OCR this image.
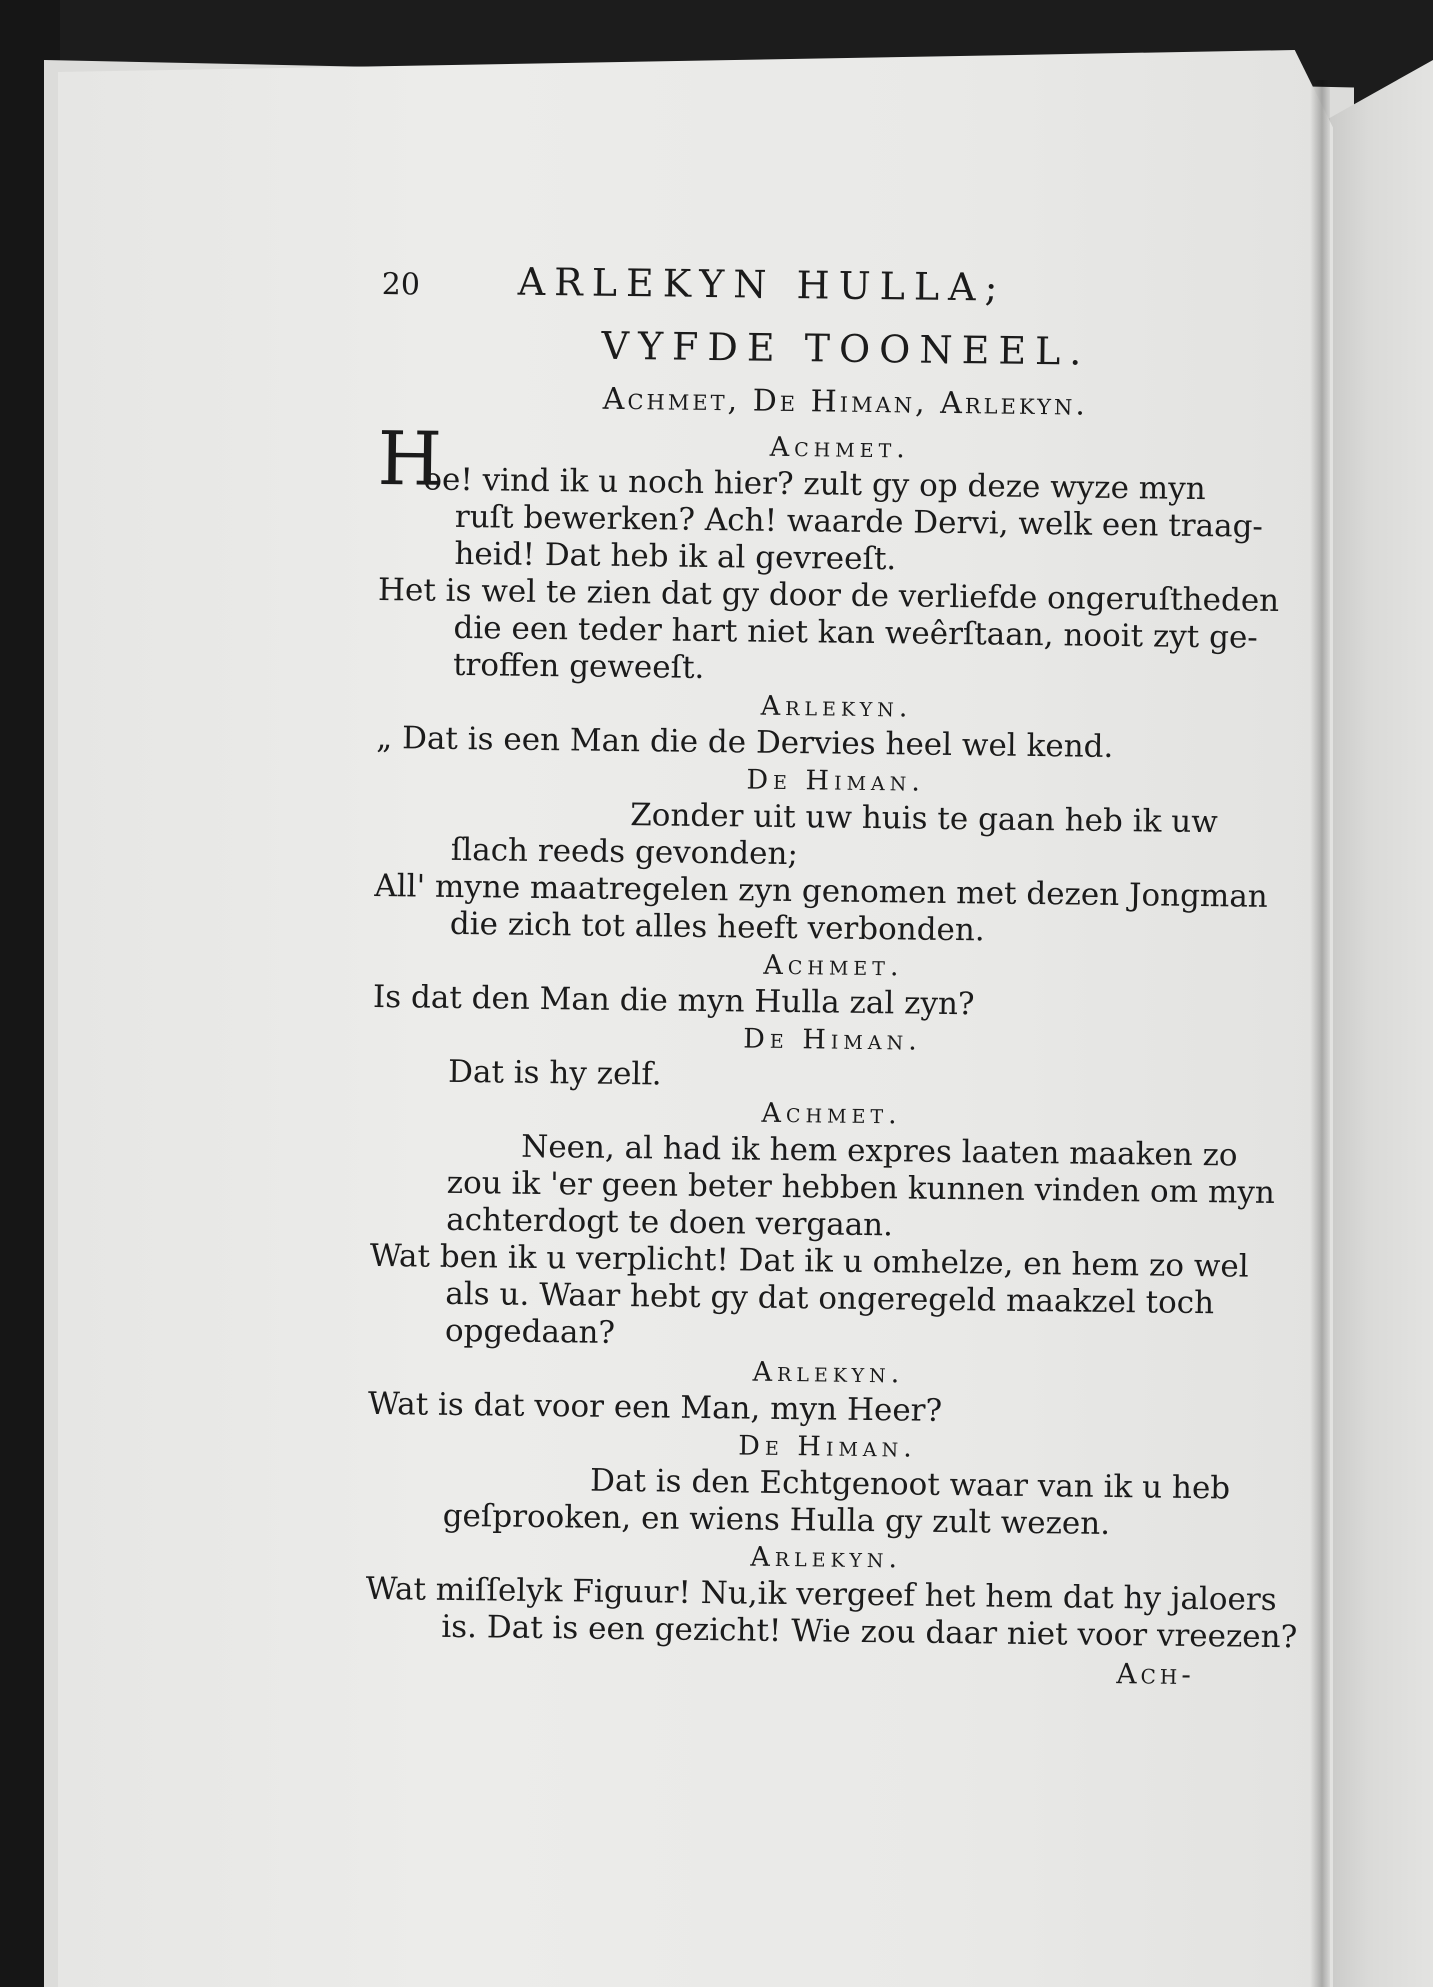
20	ARLEKYN HULLA;
VYFDE TOONEEL.
Achmet, De Himan, Arlekyn.
H	Achmet.
oe! vind ik u noch hier? zult gy op deze wyze myn
ruſt bewerken? Ach! waarde Dervi, welk een traag-
heid! Dat heb ik al gevreeſt.
Het is wel te zien dat gy door de verliefde ongeruſtheden
die een teder hart niet kan weêrſtaan, nooit zyt ge-
troffen geweeſt.
Arlekyn.
„ Dat is een Man die de Dervies heel wel kend.
De Himan.
Zonder uit uw huis te gaan heb ik uw
ſlach reeds gevonden;
All' myne maatregelen zyn genomen met dezen Jongman
die zich tot alles heeft verbonden.
Achmet.
Is dat den Man die myn Hulla zal zyn?
De Himan.
Dat is hy zelf.
Achmet.
Neen, al had ik hem expres laaten maaken zo
zou ik 'er geen beter hebben kunnen vinden om myn
achterdogt te doen vergaan.
Wat ben ik u verplicht! Dat ik u omhelze, en hem zo wel
als u. Waar hebt gy dat ongeregeld maakzel toch
opgedaan?
Arlekyn.
Wat is dat voor een Man, myn Heer?
De Himan.
Dat is den Echtgenoot waar van ik u heb
geſprooken, en wiens Hulla gy zult wezen.
Arlekyn.
Wat miſſelyk Figuur! Nu,ik vergeef het hem dat hy jaloers
is. Dat is een gezicht! Wie zou daar niet voor vreezen?
Ach-
